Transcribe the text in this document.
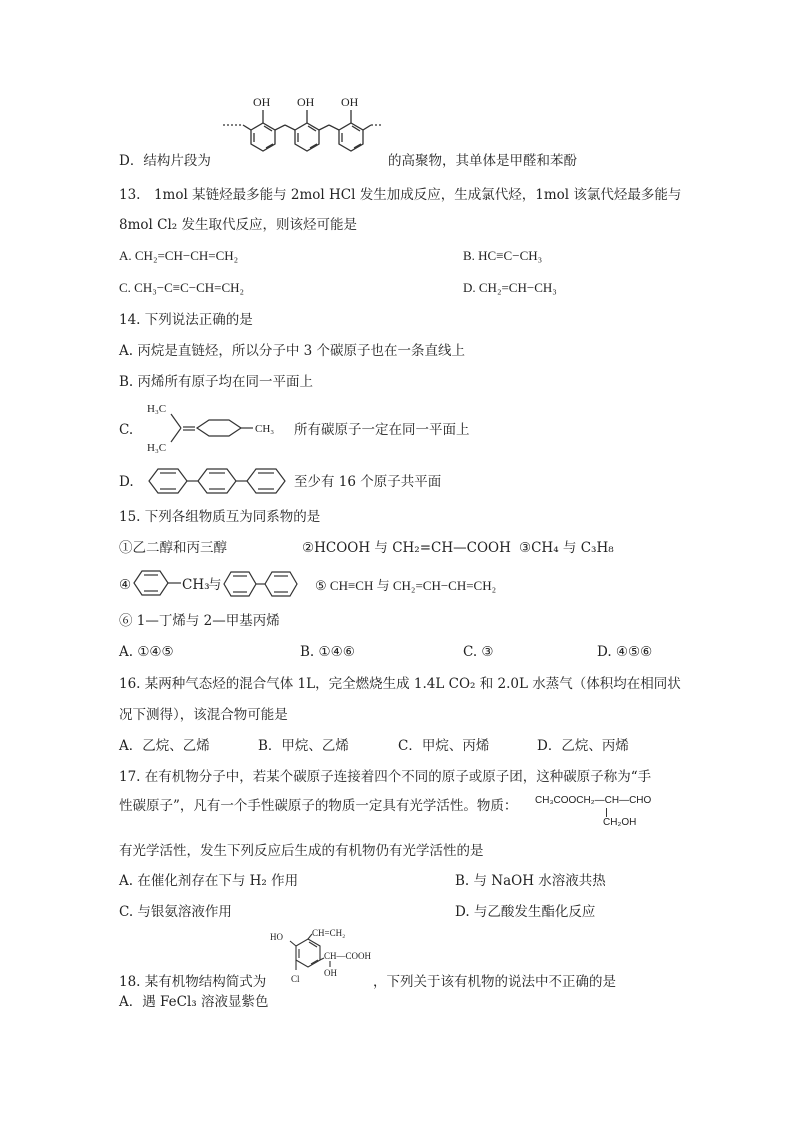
OH OH OH
D．结构片段为	的高聚物，其单体是甲醛和苯酚
13.　1mol 某链烃最多能与 2mol HCl 发生加成反应，生成氯代烃，1mol 该氯代烃最多能与
8mol Cl₂ 发生取代反应，则该烃可能是
A. CH₂=CH−CH=CH₂	B. HC≡C−CH₃
C. CH₃−C≡C−CH=CH₂	D. CH₂=CH−CH₃
14. 下列说法正确的是
A. 丙烷是直链烃，所以分子中 3 个碳原子也在一条直线上
B. 丙烯所有原子均在同一平面上
C.
H₃C
H₃C
CH₃ 所有碳原子一定在同一平面上
D.	至少有 16 个原子共平面
15. 下列各组物质互为同系物的是
①乙二醇和丙三醇	②HCOOH 与 CH₂=CH—COOH ③CH₄ 与 C₃H₈
④	CH₃
与	⑤ CH≡CH 与 CH₂=CH−CH=CH₂
⑥ 1—丁烯与 2—甲基丙烯
A. ①④⑤	B. ①④⑥	C. ③	D. ④⑤⑥
16. 某两种气态烃的混合气体 1L，完全燃烧生成 1.4L CO₂ 和 2.0L 水蒸气（体积均在相同状
况下测得），该混合物可能是
A．乙烷、乙烯	B．甲烷、乙烯	C．甲烷、丙烯	D．乙烷、丙烯
17. 在有机物分子中，若某个碳原子连接着四个不同的原子或原子团，这种碳原子称为“手
性碳原子”，凡有一个手性碳原子的物质一定具有光学活性。物质： CH₃COOCH₂—CH—CHO
CH₂OH
有光学活性，发生下列反应后生成的有机物仍有光学活性的是
A. 在催化剂存在下与 H₂ 作用	B. 与 NaOH 水溶液共热
C. 与银氨溶液作用	D. 与乙酸发生酯化反应
HO	CH=CH₂
CH—COOH
OH
Cl
18. 某有机物结构简式为	，下列关于该有机物的说法中不正确的是
A．遇 FeCl₃ 溶液显紫色
